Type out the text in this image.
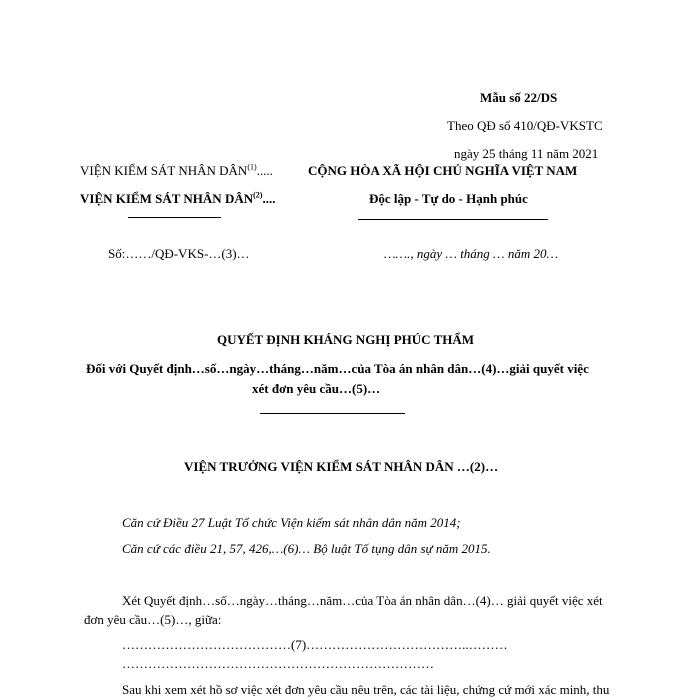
Mẫu số 22/DS
Theo QĐ số 410/QĐ-VKSTC
ngày 25 tháng 11 năm 2021
VIỆN KIỂM SÁT NHÂN DÂN$^{(1)}$.....
VIỆN KIỂM SÁT NHÂN DÂN$^{(2)}$....
Số:……/QĐ-VKS-…(3)…
CỘNG HÒA XÃ HỘI CHỦ NGHĨA VIỆT NAM
Độc lập - Tự do - Hạnh phúc
……., ngày … tháng … năm 20…
QUYẾT ĐỊNH KHÁNG NGHỊ PHÚC THẨM
Đối với Quyết định…số…ngày…tháng…năm…của Tòa án nhân dân…(4)…giải quyết việc
xét đơn yêu cầu…(5)…
VIỆN TRƯỞNG VIỆN KIỂM SÁT NHÂN DÂN …(2)…
Căn cứ Điều 27 Luật Tổ chức Viện kiểm sát nhân dân năm 2014;
Căn cứ các điều 21, 57, 426,…(6)… Bộ luật Tố tụng dân sự năm 2015.
Xét Quyết định…số…ngày…tháng…năm…của Tòa án nhân dân…(4)… giải quyết việc xét
đơn yêu cầu…(5)…, giữa:
…………………………………(7)………………………………..………
………………………………………………………………
Sau khi xem xét hồ sơ việc xét đơn yêu cầu nêu trên, các tài liệu, chứng cứ mới xác minh, thu
